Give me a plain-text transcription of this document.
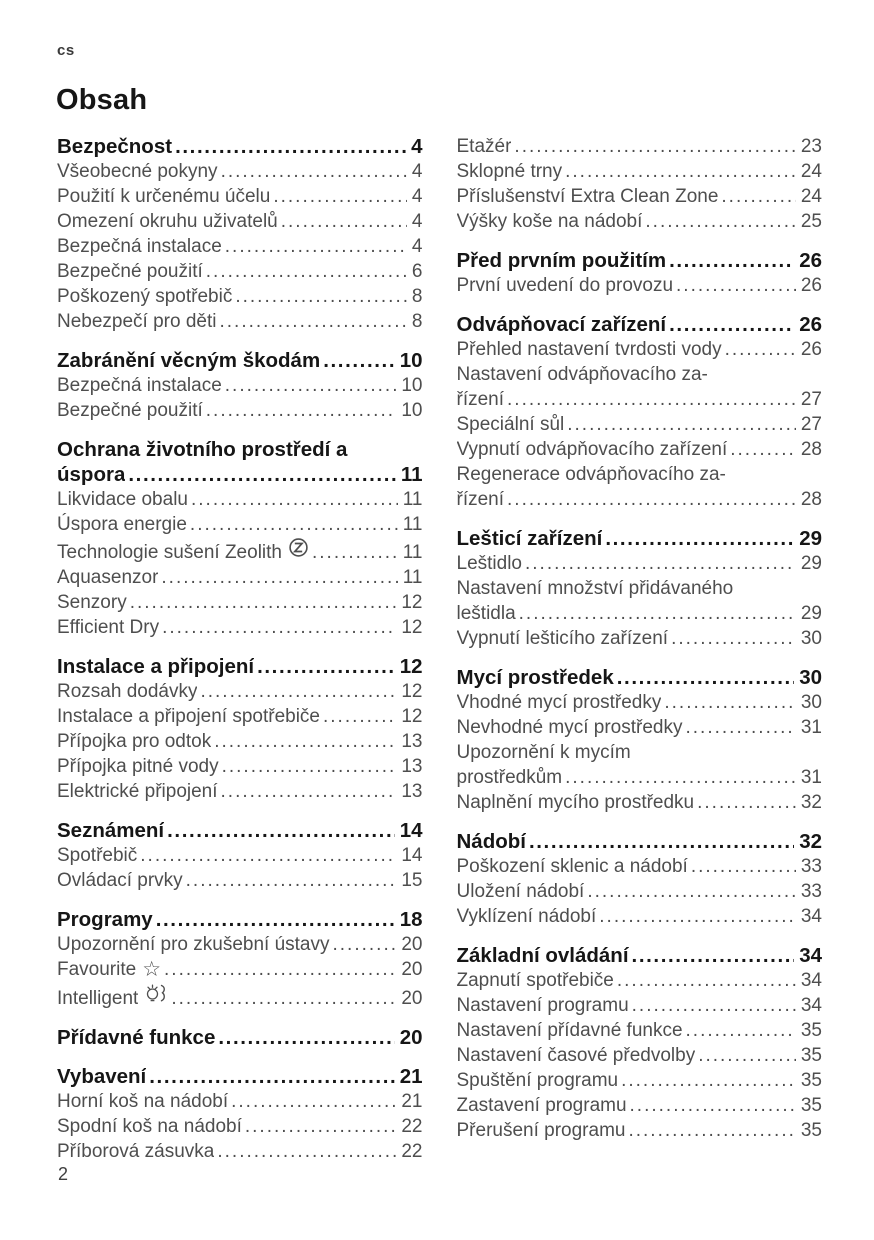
cs
Obsah
Bezpečnost .....	4
Všeobecné pokyny .....	4
Použití k určenému účelu .....	4
Omezení okruhu uživatelů .....	4
Bezpečná instalace .....	4
Bezpečné použití .....	6
Poškozený spotřebič .....	8
Nebezpečí pro děti .....	8
Zabránění věcným škodám .....	10
Bezpečná instalace .....	10
Bezpečné použití .....	10
Ochrana životního prostředí a
úspora .....	11
Likvidace obalu .....	11
Úspora energie .....	11
Technologie sušení Zeolith .....	11
Aquasenzor .....	11
Senzory .....	12
Efficient Dry .....	12
Instalace a připojení .....	12
Rozsah dodávky .....	12
Instalace a připojení spotřebiče .....	12
Přípojka pro odtok .....	13
Přípojka pitné vody .....	13
Elektrické připojení .....	13
Seznámení .....	14
Spotřebič .....	14
Ovládací prvky .....	15
Programy .....	18
Upozornění pro zkušební ústavy .....	20
Favourite ☆ .....	20
Intelligent .....	20
Přídavné funkce .....	20
Vybavení .....	21
Horní koš na nádobí .....	21
Spodní koš na nádobí .....	22
Příborová zásuvka .....	22
Etažér .....	23
Sklopné trny .....	24
Příslušenství Extra Clean Zone .....	24
Výšky koše na nádobí .....	25
Před prvním použitím .....	26
První uvedení do provozu .....	26
Odvápňovací zařízení .....	26
Přehled nastavení tvrdosti vody .....	26
Nastavení odvápňovacího za-
řízení .....	27
Speciální sůl .....	27
Vypnutí odvápňovacího zařízení .....	28
Regenerace odvápňovacího za-
řízení .....	28
Lešticí zařízení .....	29
Leštidlo .....	29
Nastavení množství přidávaného
leštidla .....	29
Vypnutí lešticího zařízení .....	30
Mycí prostředek .....	30
Vhodné mycí prostředky .....	30
Nevhodné mycí prostředky .....	31
Upozornění k mycím
prostředkům .....	31
Naplnění mycího prostředku .....	32
Nádobí .....	32
Poškození sklenic a nádobí .....	33
Uložení nádobí .....	33
Vyklízení nádobí .....	34
Základní ovládání .....	34
Zapnutí spotřebiče .....	34
Nastavení programu .....	34
Nastavení přídavné funkce .....	35
Nastavení časové předvolby .....	35
Spuštění programu .....	35
Zastavení programu .....	35
Přerušení programu .....	35
2
